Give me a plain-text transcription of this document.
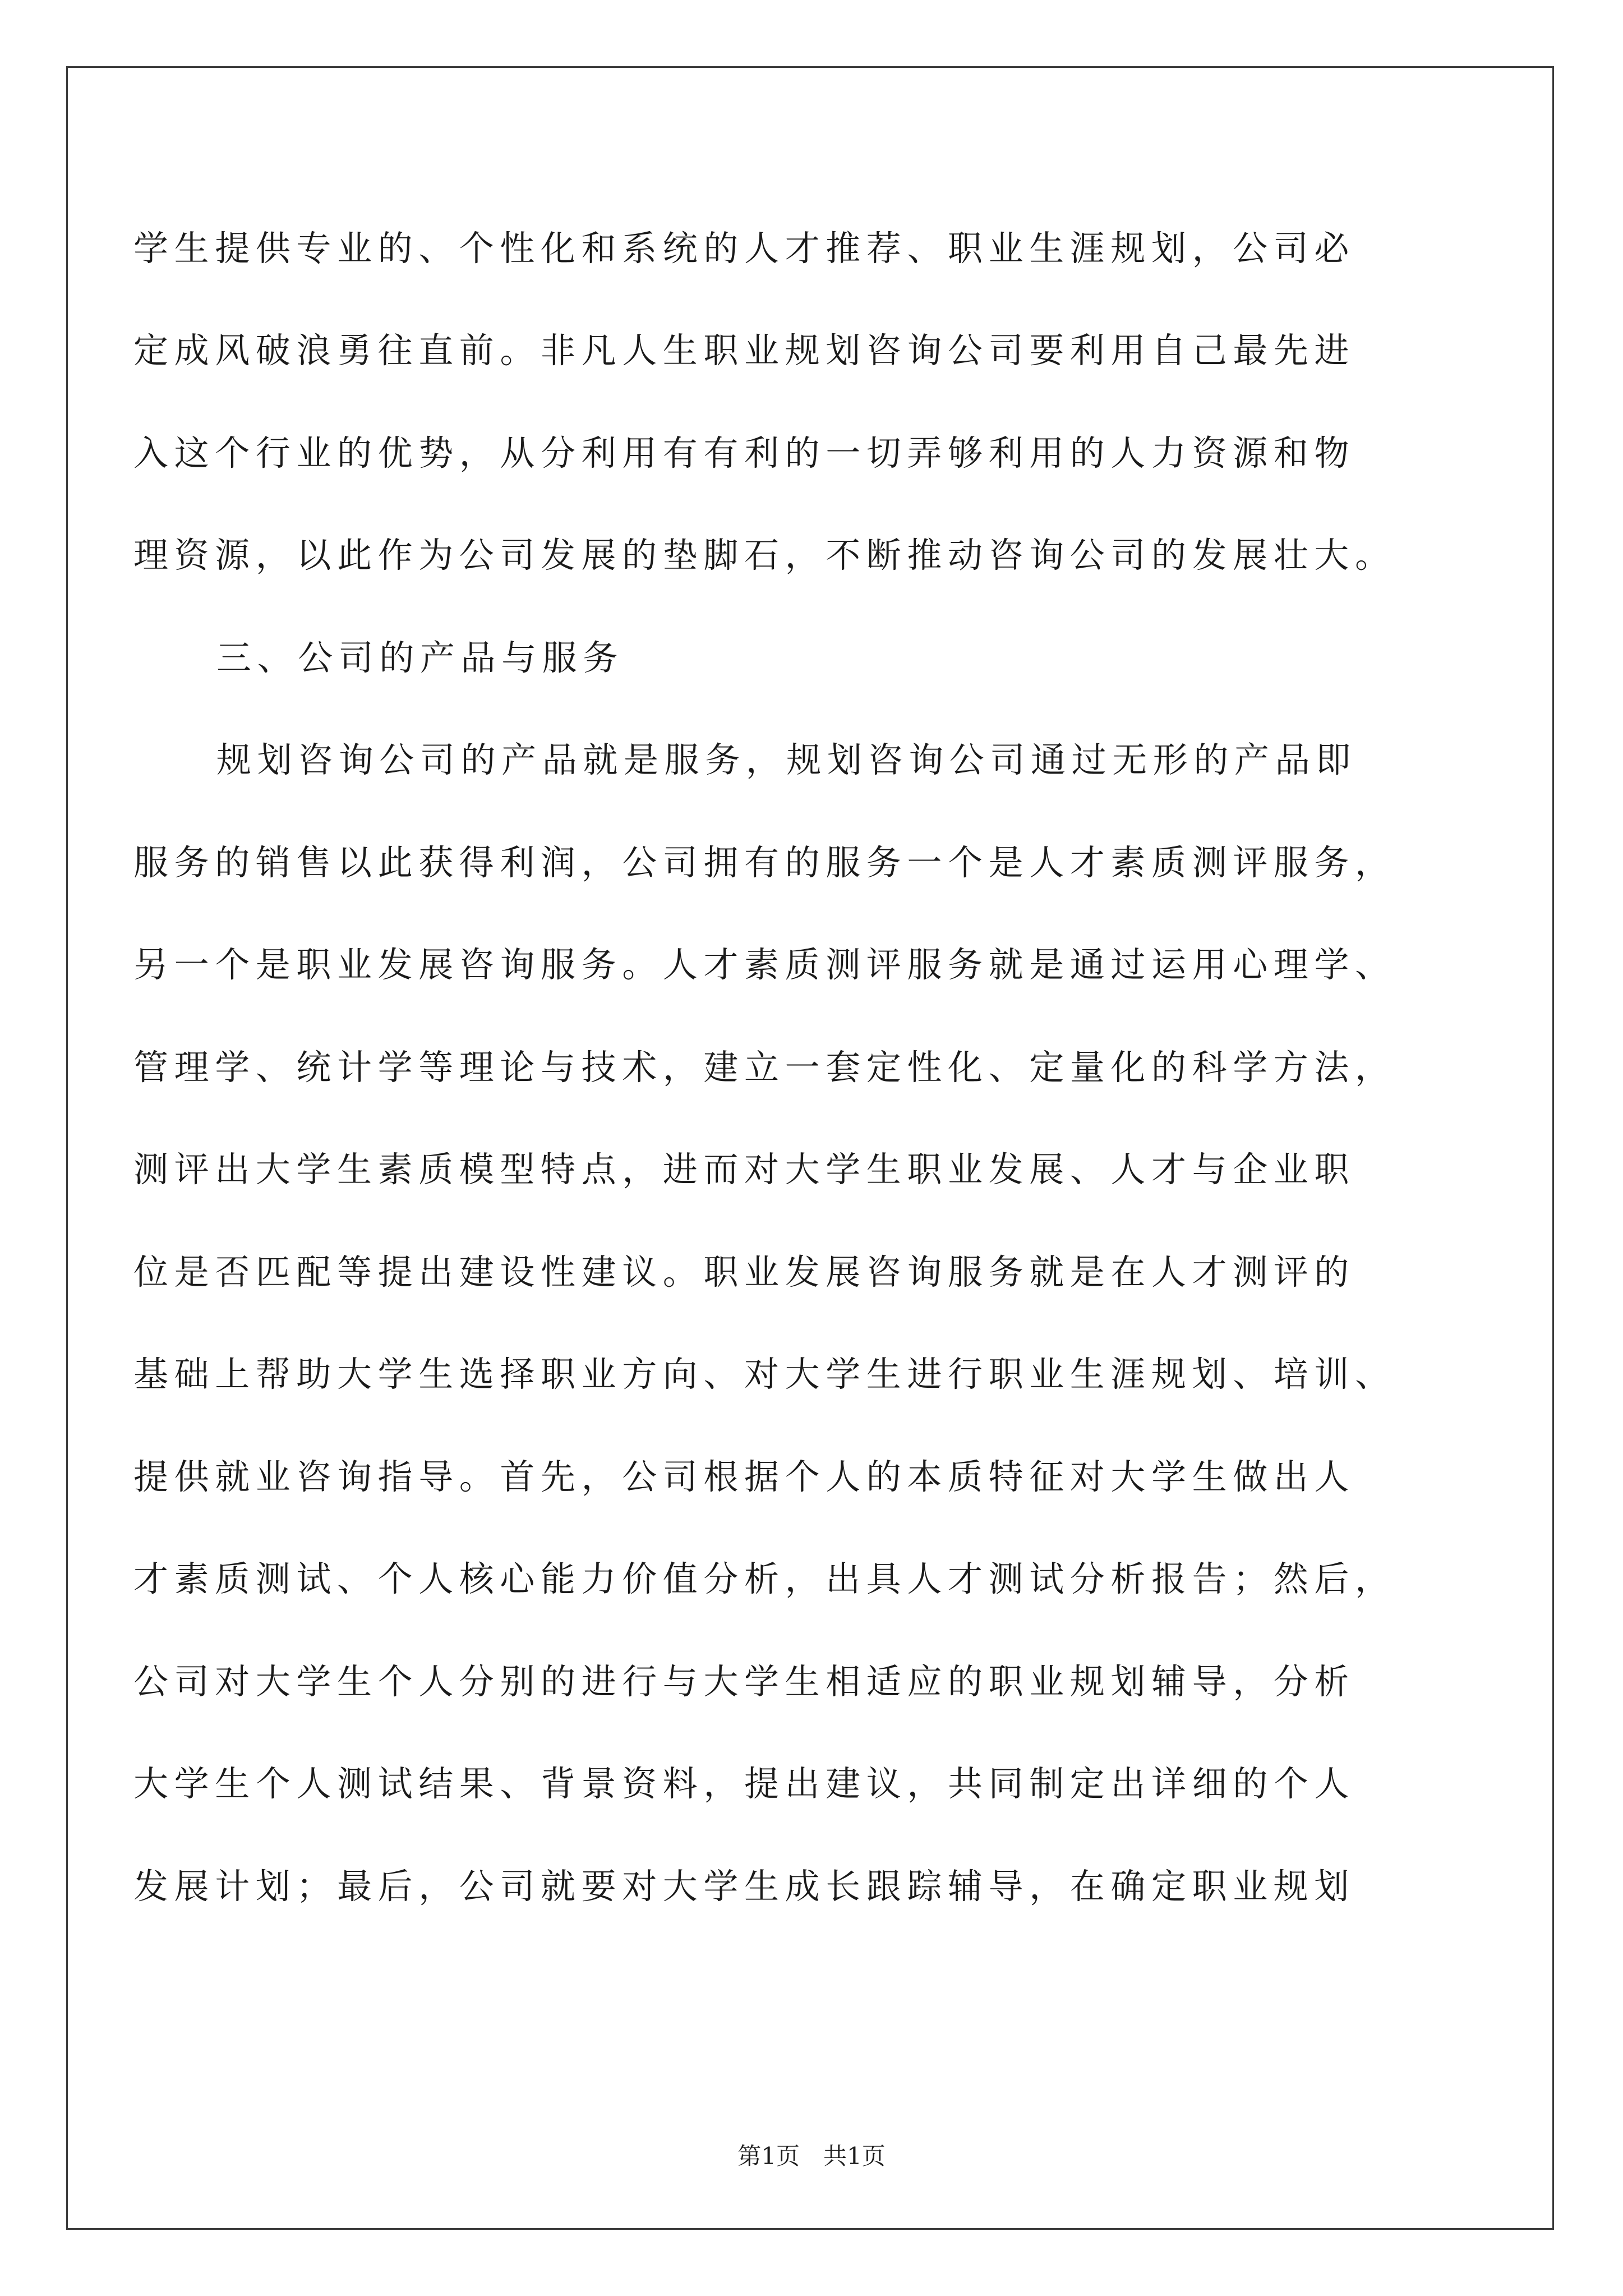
学生提供专业的、个性化和系统的人才推荐、职业生涯规划，公司必
定成风破浪勇往直前。非凡人生职业规划咨询公司要利用自己最先进
入这个行业的优势，从分利用有有利的一切弄够利用的人力资源和物
理资源，以此作为公司发展的垫脚石，不断推动咨询公司的发展壮大。
三、公司的产品与服务
规划咨询公司的产品就是服务，规划咨询公司通过无形的产品即
服务的销售以此获得利润，公司拥有的服务一个是人才素质测评服务，
另一个是职业发展咨询服务。人才素质测评服务就是通过运用心理学、
管理学、统计学等理论与技术，建立一套定性化、定量化的科学方法，
测评出大学生素质模型特点，进而对大学生职业发展、人才与企业职
位是否匹配等提出建设性建议。职业发展咨询服务就是在人才测评的
基础上帮助大学生选择职业方向、对大学生进行职业生涯规划、培训、
提供就业咨询指导。首先，公司根据个人的本质特征对大学生做出人
才素质测试、个人核心能力价值分析，出具人才测试分析报告；然后，
公司对大学生个人分别的进行与大学生相适应的职业规划辅导，分析
大学生个人测试结果、背景资料，提出建议，共同制定出详细的个人
发展计划；最后，公司就要对大学生成长跟踪辅导，在确定职业规划
第1页　共1页
